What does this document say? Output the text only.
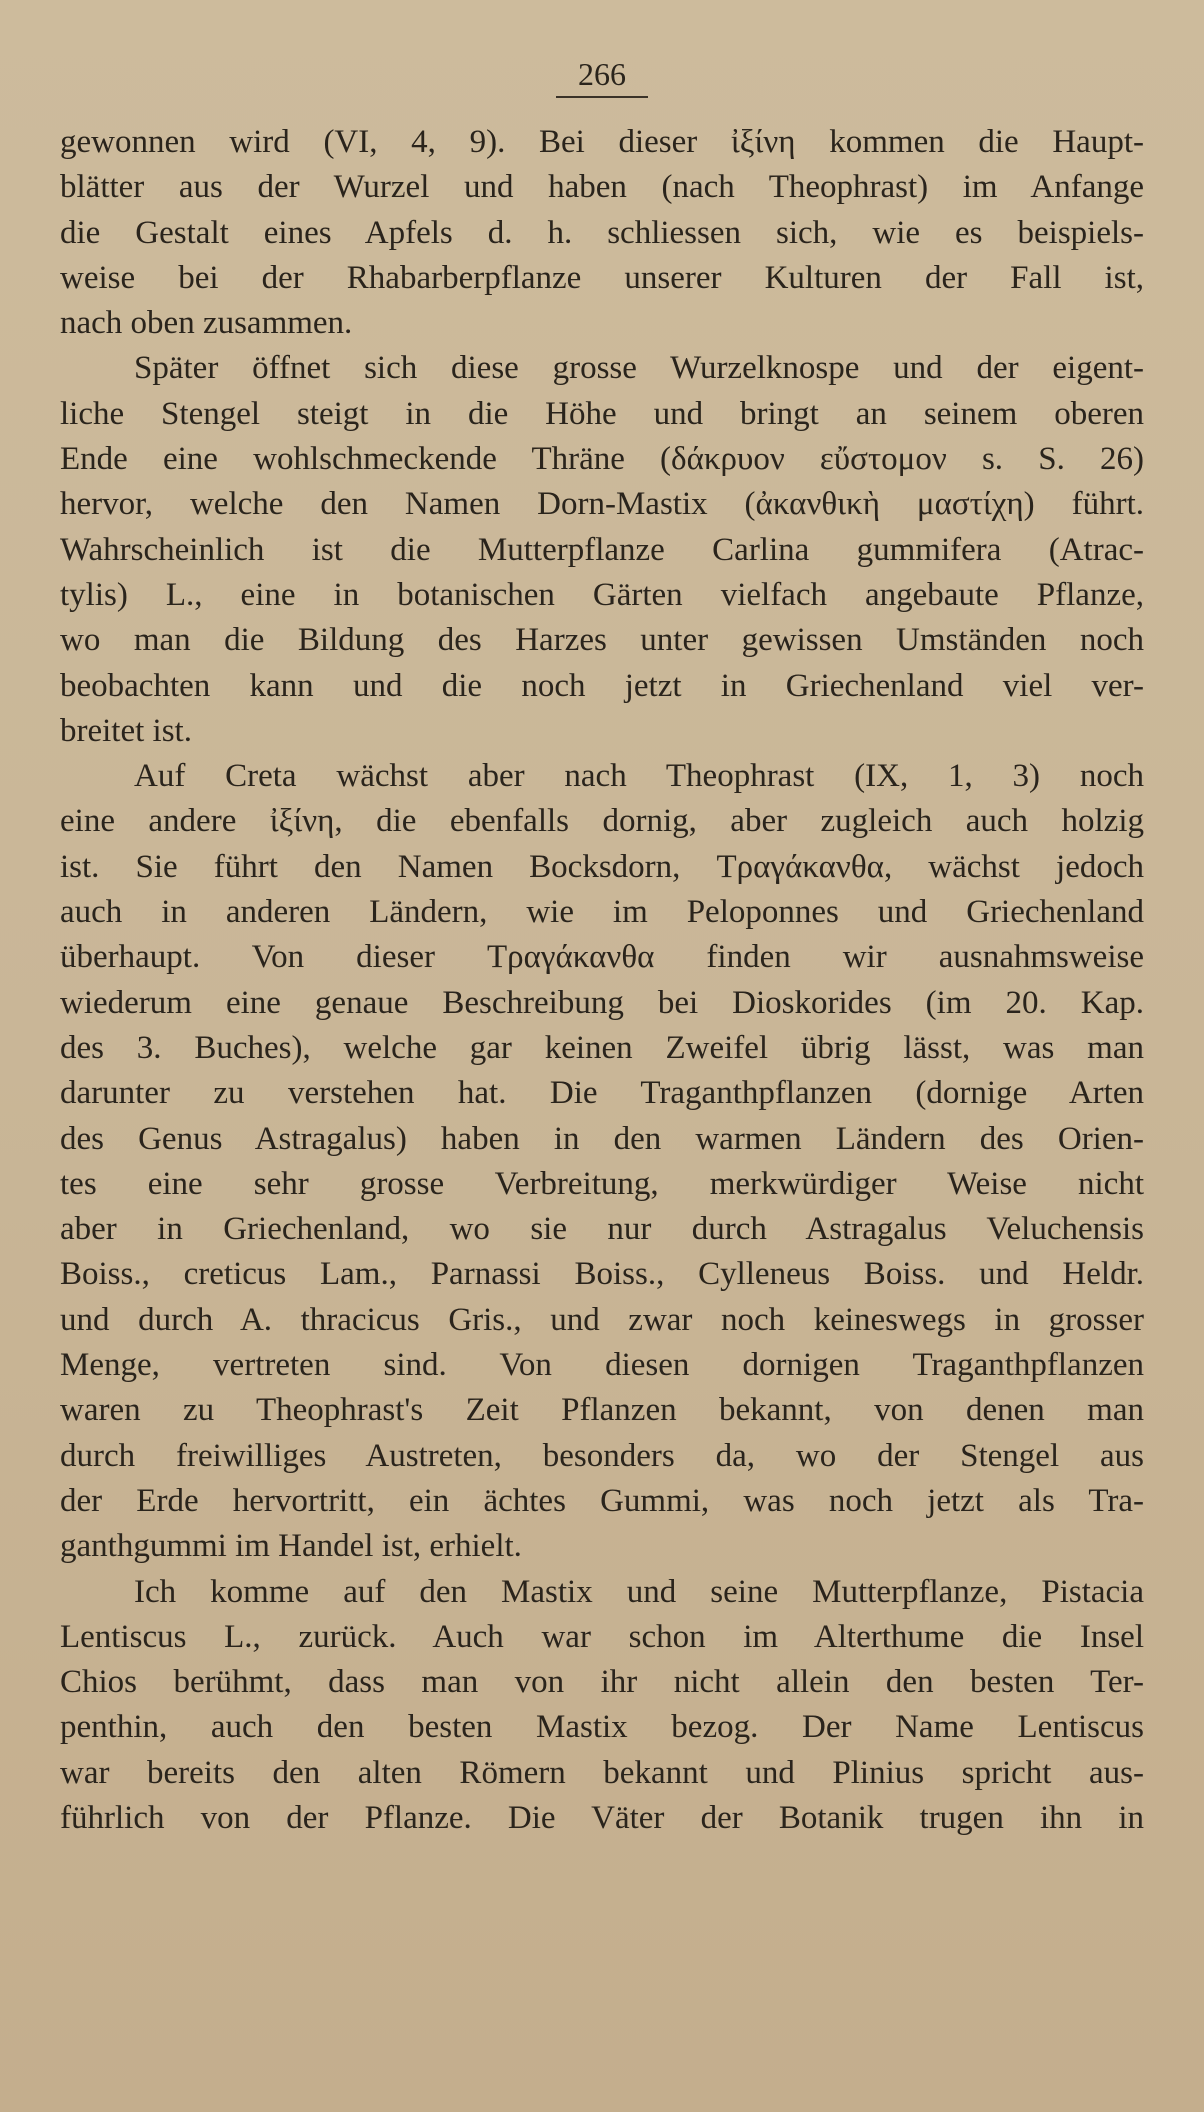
266
gewonnen wird (VI, 4, 9). Bei dieser ἰξίνη kommen die Haupt-
blätter aus der Wurzel und haben (nach Theophrast) im Anfange
die Gestalt eines Apfels d. h. schliessen sich, wie es beispiels-
weise bei der Rhabarberpflanze unserer Kulturen der Fall ist,
nach oben zusammen.
Später öffnet sich diese grosse Wurzelknospe und der eigent-
liche Stengel steigt in die Höhe und bringt an seinem oberen
Ende eine wohlschmeckende Thräne (δάκρυον εὔστομον s. S. 26)
hervor, welche den Namen Dorn-Mastix (ἀκανθικὴ μαστίχη) führt.
Wahrscheinlich ist die Mutterpflanze Carlina gummifera (Atrac-
tylis) L., eine in botanischen Gärten vielfach angebaute Pflanze,
wo man die Bildung des Harzes unter gewissen Umständen noch
beobachten kann und die noch jetzt in Griechenland viel ver-
breitet ist.
Auf Creta wächst aber nach Theophrast (IX, 1, 3) noch
eine andere ἰξίνη, die ebenfalls dornig, aber zugleich auch holzig
ist. Sie führt den Namen Bocksdorn, Τραγάκανθα, wächst jedoch
auch in anderen Ländern, wie im Peloponnes und Griechenland
überhaupt. Von dieser Τραγάκανθα finden wir ausnahmsweise
wiederum eine genaue Beschreibung bei Dioskorides (im 20. Kap.
des 3. Buches), welche gar keinen Zweifel übrig lässt, was man
darunter zu verstehen hat. Die Traganthpflanzen (dornige Arten
des Genus Astragalus) haben in den warmen Ländern des Orien-
tes eine sehr grosse Verbreitung, merkwürdiger Weise nicht
aber in Griechenland, wo sie nur durch Astragalus Veluchensis
Boiss., creticus Lam., Parnassi Boiss., Cylleneus Boiss. und Heldr.
und durch A. thracicus Gris., und zwar noch keineswegs in grosser
Menge, vertreten sind. Von diesen dornigen Traganthpflanzen
waren zu Theophrast's Zeit Pflanzen bekannt, von denen man
durch freiwilliges Austreten, besonders da, wo der Stengel aus
der Erde hervortritt, ein ächtes Gummi, was noch jetzt als Tra-
ganthgummi im Handel ist, erhielt.
Ich komme auf den Mastix und seine Mutterpflanze, Pistacia
Lentiscus L., zurück. Auch war schon im Alterthume die Insel
Chios berühmt, dass man von ihr nicht allein den besten Ter-
penthin, auch den besten Mastix bezog. Der Name Lentiscus
war bereits den alten Römern bekannt und Plinius spricht aus-
führlich von der Pflanze. Die Väter der Botanik trugen ihn in
